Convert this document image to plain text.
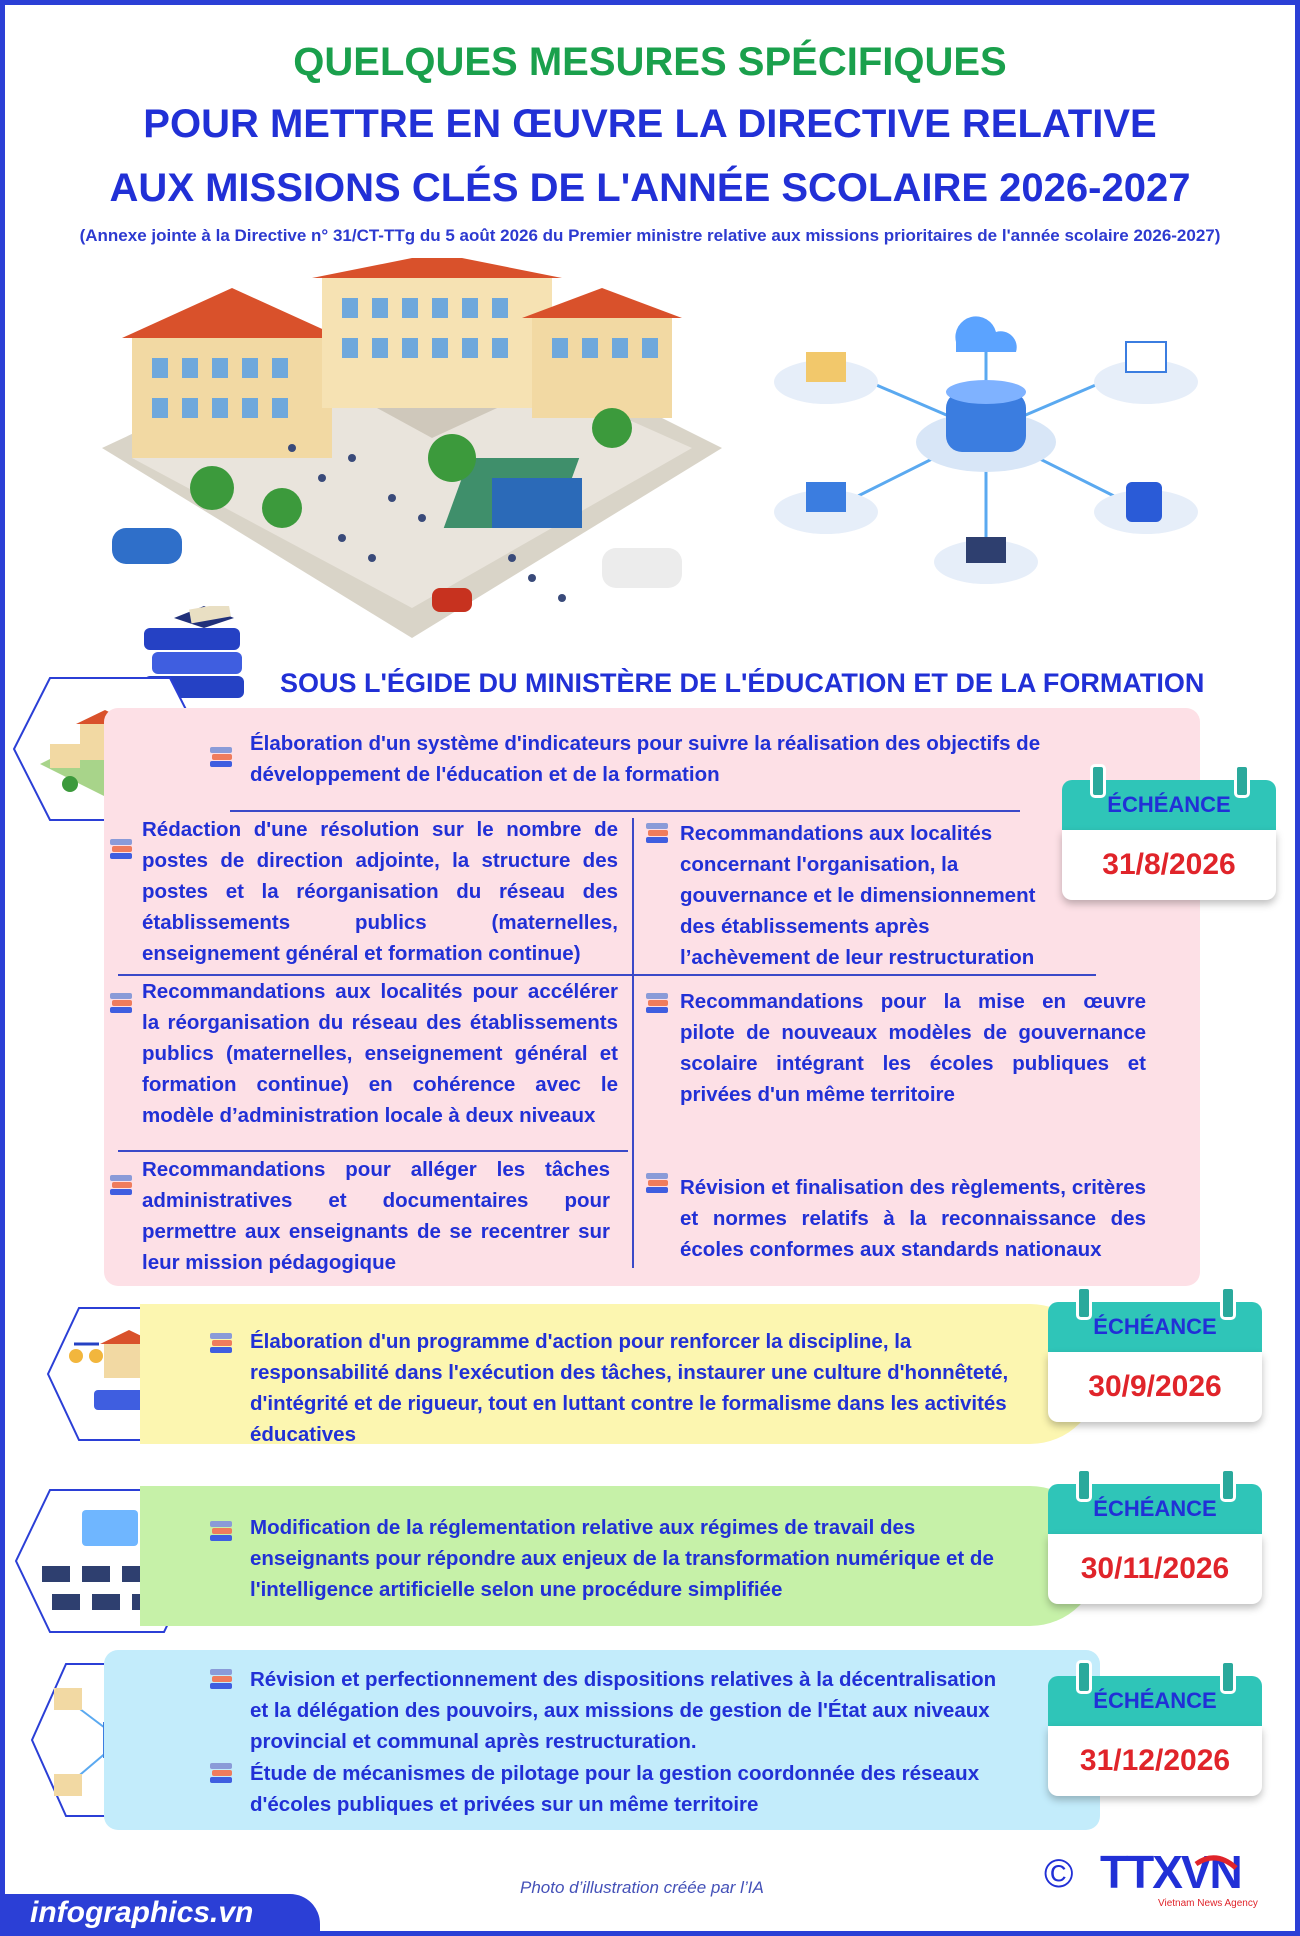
QUELQUES MESURES SPÉCIFIQUES
POUR METTRE EN ŒUVRE LA DIRECTIVE RELATIVE
AUX MISSIONS CLÉS DE L'ANNÉE SCOLAIRE 2026-2027
(Annexe jointe à la Directive n° 31/CT-TTg du 5 août 2026 du Premier ministre relative aux missions prioritaires de l'année scolaire 2026-2027)
SOUS L'ÉGIDE DU MINISTÈRE DE L'ÉDUCATION ET DE LA FORMATION
Élaboration d'un système d'indicateurs pour suivre la réalisation des objectifs de développement de l'éducation et de la formation
Rédaction d'une résolution sur le nombre de postes de direction adjointe, la structure des postes et la réorganisation du réseau des établissements publics (maternelles, enseignement général et formation continue)
Recommandations aux localités concernant l'organisation, la gouvernance et le dimensionnement des établissements après l’achèvement de leur restructuration
Recommandations aux localités pour accélérer la réorganisation du réseau des établissements publics (maternelles, enseignement général et formation continue) en cohérence avec le modèle d’administration locale à deux niveaux
Recommandations pour la mise en œuvre pilote de nouveaux modèles de gouvernance scolaire intégrant les écoles publiques et privées d'un même territoire
Recommandations pour alléger les tâches administratives et documentaires pour permettre aux enseignants de se recentrer sur leur mission pédagogique
Révision et finalisation des règlements, critères et normes relatifs à la reconnaissance des écoles conformes aux standards nationaux
Élaboration d'un programme d'action pour renforcer la discipline, la responsabilité dans l'exécution des tâches, instaurer une culture d'honnêteté, d'intégrité et de rigueur, tout en luttant contre le formalisme dans les activités éducatives
Modification de la réglementation relative aux régimes de travail des enseignants pour répondre aux enjeux de la transformation numérique et de l'intelligence artificielle selon une procédure simplifiée
Révision et perfectionnement des dispositions relatives à la décentralisation et la délégation des pouvoirs, aux missions de gestion de l'État aux niveaux provincial et communal après restructuration.
Étude de mécanismes de pilotage pour la gestion coordonnée des réseaux d'écoles publiques et privées sur un même territoire
ÉCHÉANCE
31/8/2026
ÉCHÉANCE
30/9/2026
ÉCHÉANCE
30/11/2026
ÉCHÉANCE
31/12/2026
Photo d’illustration créée par l’IA
infographics.vn
© TTXVN
Vietnam News Agency
